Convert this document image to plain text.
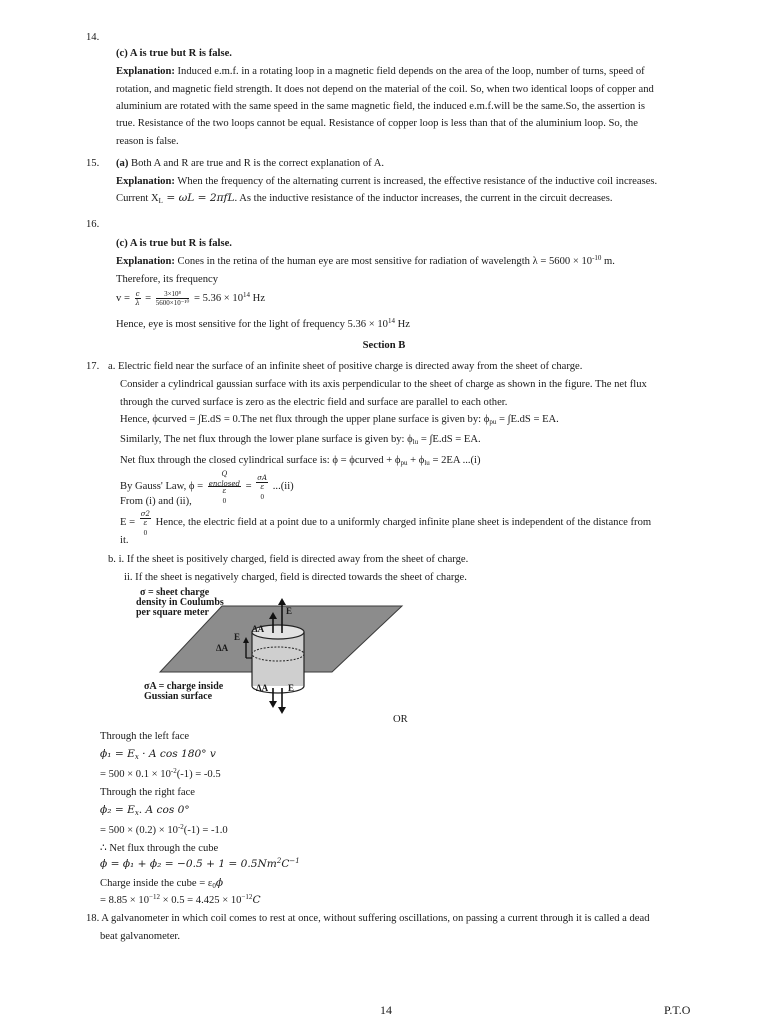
14.
(c) A is true but R is false.
Explanation: Induced e.m.f. in a rotating loop in a magnetic field depends on the area of the loop, number of turns, speed of
rotation, and magnetic field strength. It does not depend on the material of the coil. So, when two identical loops of copper and
aluminium are rotated with the same speed in the same magnetic field, the induced e.m.f.will be the same.So, the assertion is
true. Resistance of the two loops cannot be equal. Resistance of copper loop is less than that of the aluminium loop. So, the
reason is false.
15. (a) Both A and R are true and R is the correct explanation of A.
Explanation: When the frequency of the alternating current is increased, the effective resistance of the inductive coil increases.
Current $X_L = \omega L = 2\pi fL$. As the inductive resistance of the inductor increases, the current in the circuit decreases.
16.
(c) A is true but R is false.
Explanation: Cones in the retina of the human eye are most sensitive for radiation of wavelength $\lambda = 5600 \times 10^{-10}$ m.
Therefore, its frequency
$v = \frac{c}{\lambda} = \frac{\text{3×10⁸}}{\text{5600×10⁻¹⁰}} = 5.36 \times 10^{14}$ Hz
Hence, eye is most sensitive for the light of frequency $5.36 \times 10^{14}$ Hz
Section B
17. a. Electric field near the surface of an infinite sheet of positive charge is directed away from the sheet of charge.
Consider a cylindrical gaussian surface with its axis perpendicular to the sheet of charge as shown in the figure. The net flux
through the curved surface is zero as the electric field and surface are parallel to each other.
Hence, ϕcurved = ∫E.dS = 0.The net flux through the upper plane surface is given by: $\phi_{pu} = \int E.dS$ = EA.
Similarly, The net flux through the lower plane surface is given by: $\phi_{lu} = \int E.dS$ = EA.
Net flux through the closed cylindrical surface is: ϕ = ϕcurved + $\phi_{pu} + \phi_{lu} = 2EA$ ...(i)
By Gauss' Law, ϕ = Q
$_{enclosed}$
ε
$_0$ = σA
ε
$_0$ ...(ii)
From (i) and (ii),
E = σ2
ε
$_0$ Hence, the electric field at a point due to a uniformly charged infinite plane sheet is independent of the distance from
it.
b. i. If the sheet is positively charged, field is directed away from the sheet of charge.
ii. If the sheet is negatively charged, field is directed towards the sheet of charge.
σ = sheet charge
density in Coulumbs
per square meter	E
ΔA
E
ΔA
σA = charge inside
Gussian surface
ΔA E
OR
Through the left face
$\phi_1 = E_x \cdot A$ cos 180° v
= $500 \times 0.1 \times 10^{-2}(-1) = -0.5$
Through the right face
$\phi_2 = E_x$. A cos 0°
= $500 \times (0.2) \times 10^{-2}(-1) = -1.0$
∴ Net flux through the cube
$\phi = \phi_1 + \phi_2 = -0.5 + 1 = 0.5Nm^2C^{-1}$
Charge inside the cube = $\varepsilon_0\phi$
= $8.85 \times 10^{-12} \times 0.5 = 4.425 \times 10^{-12}C$
18. A galvanometer in which coil comes to rest at once, without suffering oscillations, on passing a current through it is called a dead
beat galvanometer.
14	P.T.O
